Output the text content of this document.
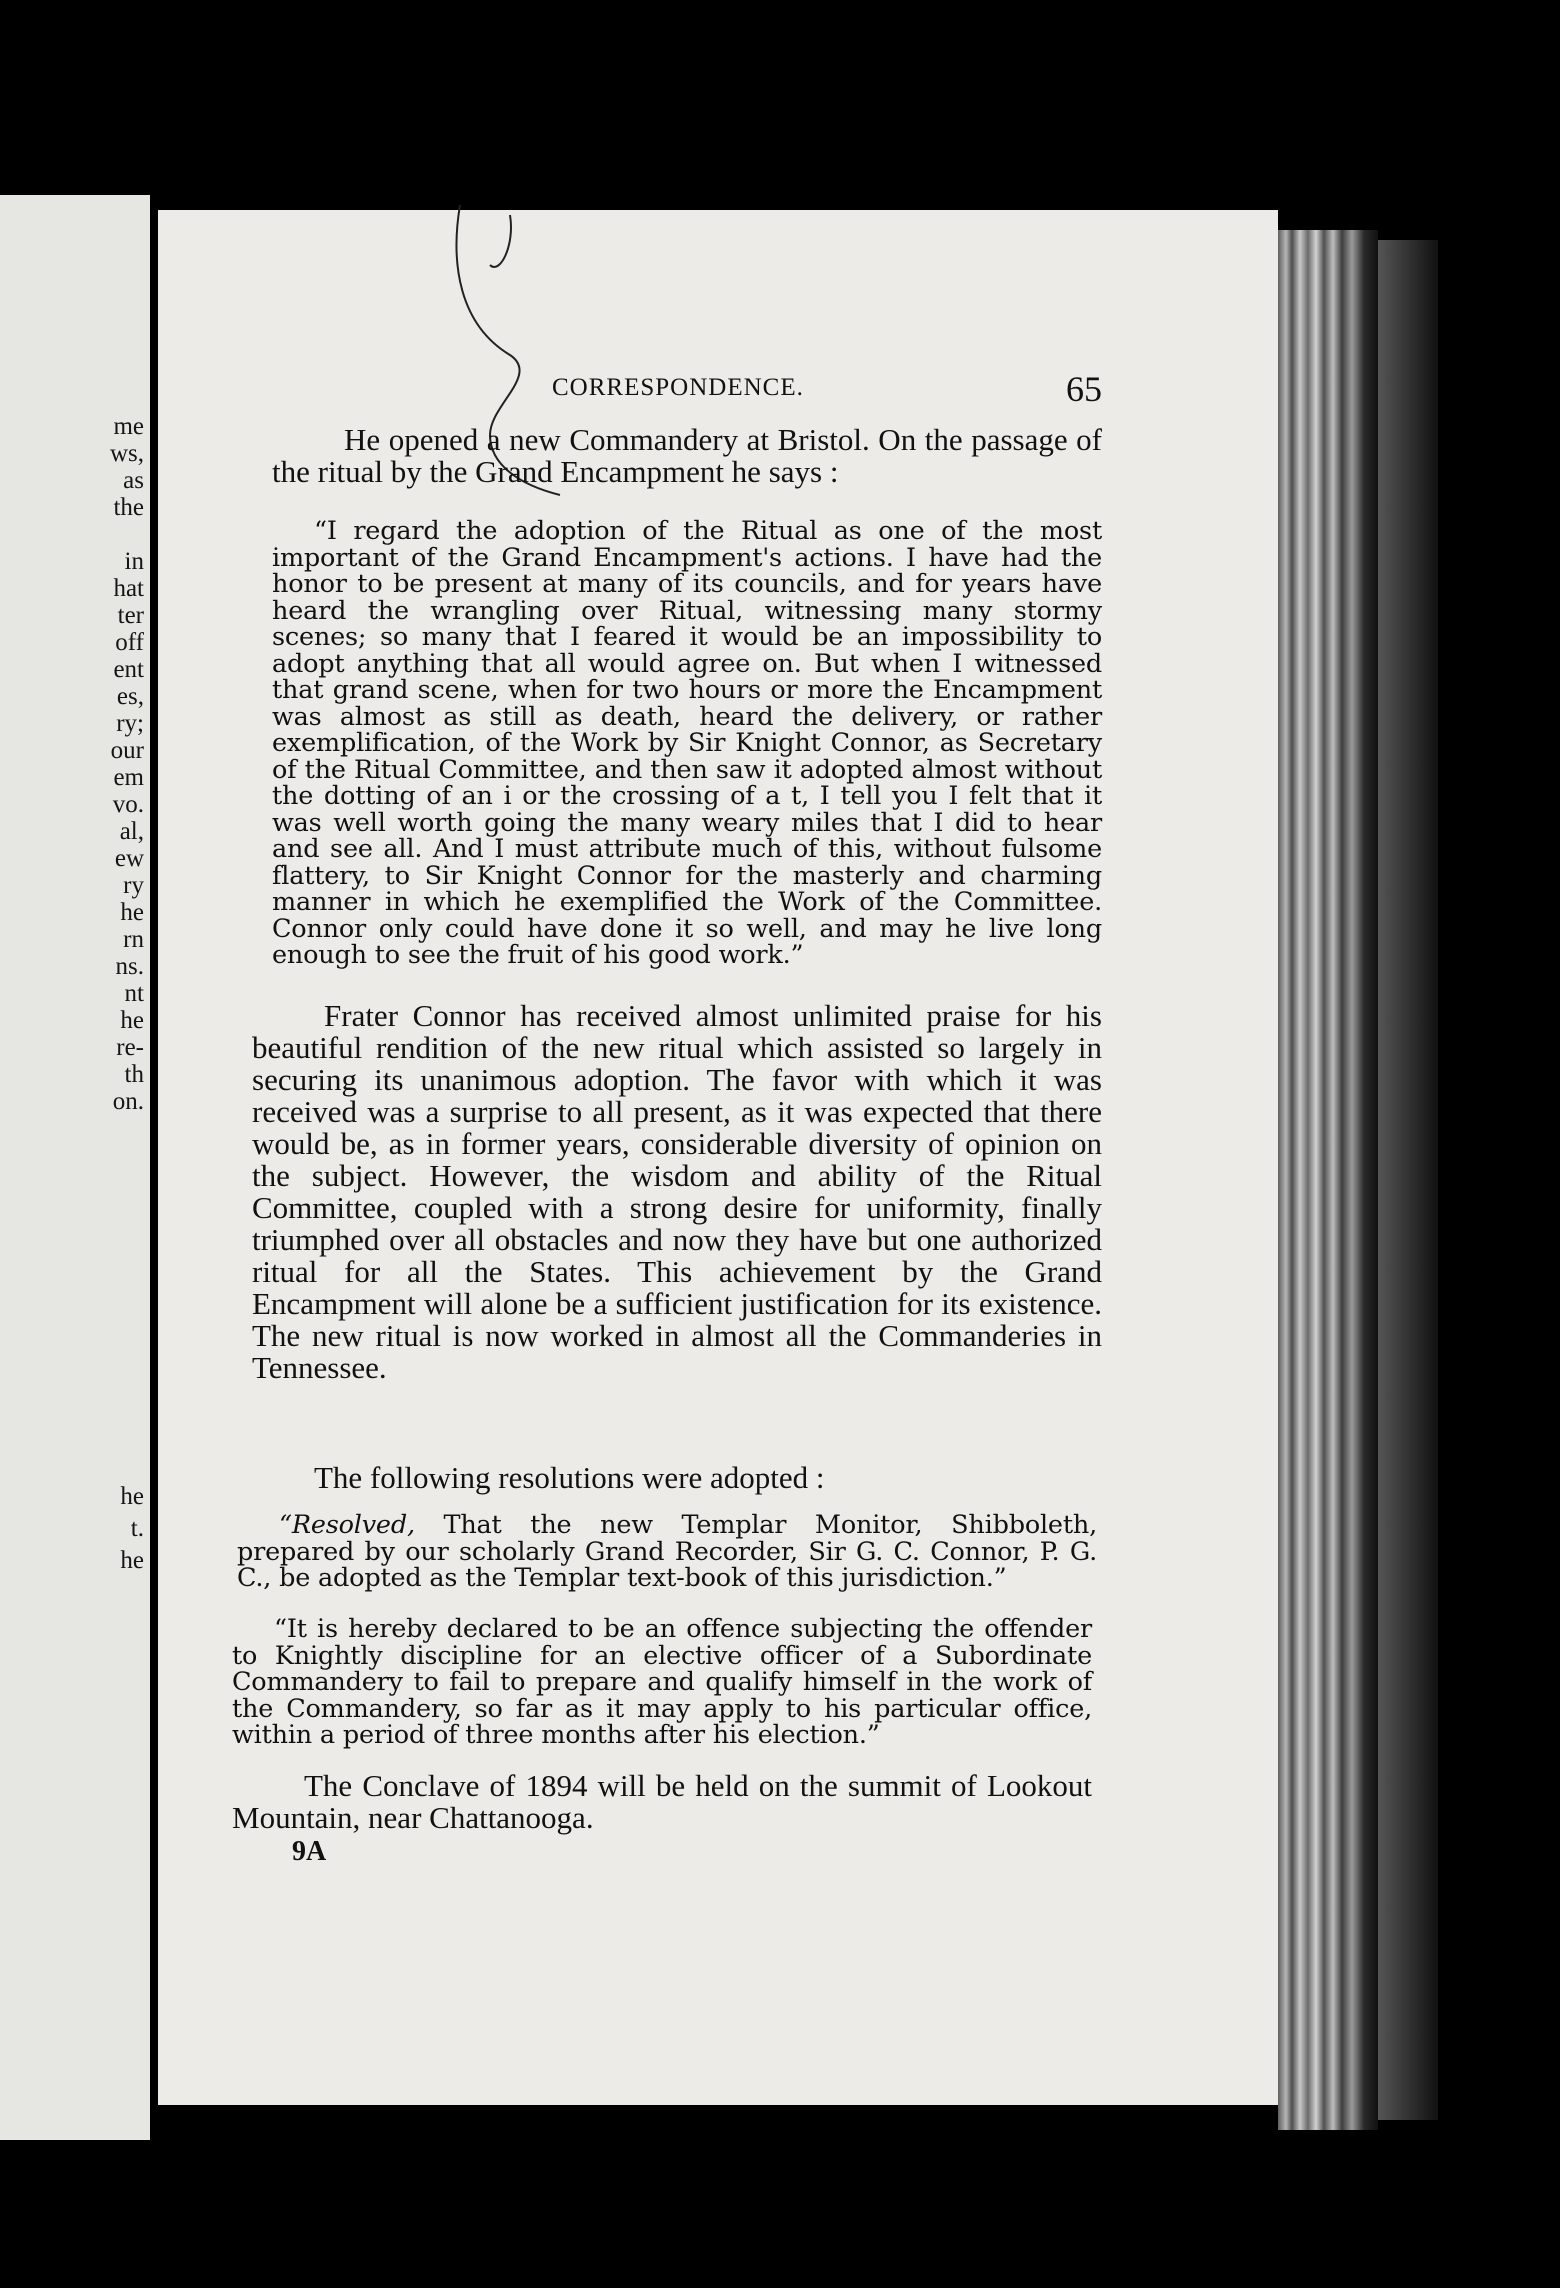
me
ws,
as
the

in
hat
ter
off
ent
es,
ry;
our
em
vo.
al,
ew
ry
he
rn
ns.
nt
he
re-
th
on.
he
t.
he
CORRESPONDENCE.	65

He opened a new Commandery at Bristol. On the passage of the ritual by the Grand Encampment he says :

“I regard the adoption of the Ritual as one of the most important of the Grand Encampment's actions. I have had the honor to be present at many of its councils, and for years have heard the wrangling over Ritual, witnessing many stormy scenes; so many that I feared it would be an impossibility to adopt anything that all would agree on. But when I witnessed that grand scene, when for two hours or more the Encampment was almost as still as death, heard the delivery, or rather exemplification, of the Work by Sir Knight Connor, as Secretary of the Ritual Committee, and then saw it adopted almost without the dotting of an i or the crossing of a t, I tell you I felt that it was well worth going the many weary miles that I did to hear and see all. And I must attribute much of this, without fulsome flattery, to Sir Knight Connor for the masterly and charming manner in which he exemplified the Work of the Committee. Connor only could have done it so well, and may he live long enough to see the fruit of his good work.”

Frater Connor has received almost unlimited praise for his beautiful rendition of the new ritual which assisted so largely in securing its unanimous adoption. The favor with which it was received was a surprise to all present, as it was expected that there would be, as in former years, considerable diversity of opinion on the subject. However, the wisdom and ability of the Ritual Committee, coupled with a strong desire for uniformity, finally triumphed over all obstacles and now they have but one authorized ritual for all the States. This achievement by the Grand Encampment will alone be a sufficient justification for its existence. The new ritual is now worked in almost all the Commanderies in Tennessee.

The following resolutions were adopted :

“Resolved, That the new Templar Monitor, Shibboleth, prepared by our scholarly Grand Recorder, Sir G. C. Connor, P. G. C., be adopted as the Templar text-book of this jurisdiction.”

“It is hereby declared to be an offence subjecting the offender to Knightly discipline for an elective officer of a Subordinate Commandery to fail to prepare and qualify himself in the work of the Commandery, so far as it may apply to his particular office, within a period of three months after his election.”

The Conclave of 1894 will be held on the summit of Lookout Mountain, near Chattanooga.

9A
